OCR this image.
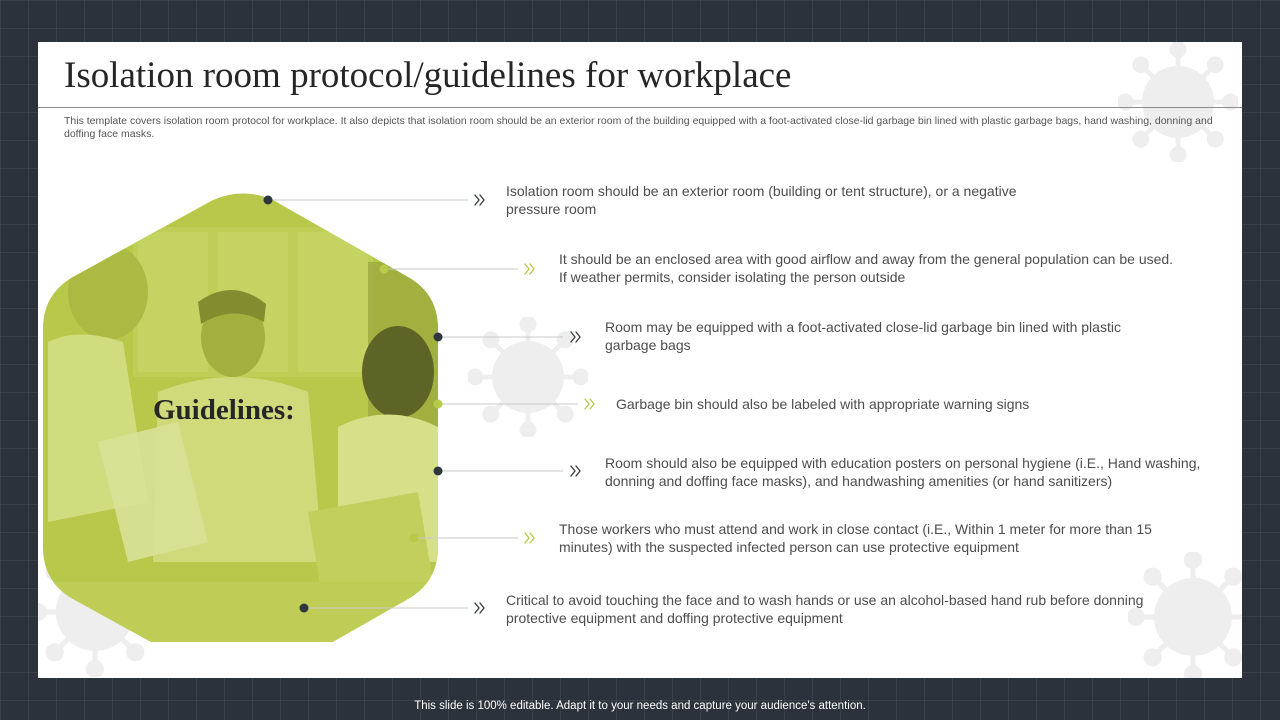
Isolation room protocol/guidelines for workplace

This template covers isolation room protocol for workplace. It also depicts that isolation room should be an exterior room of the building equipped with a foot-activated close-lid garbage bin lined with plastic garbage bags, hand washing, donning and doffing face masks.

Guidelines:

Isolation room should be an exterior room (building or tent structure), or a negative pressure room

It should be an enclosed area with good airflow and away from the general population can be used. If weather permits, consider isolating the person outside

Room may be equipped with a foot-activated close-lid garbage bin lined with plastic garbage bags

Garbage bin should also be labeled with appropriate warning signs

Room should also be equipped with education posters on personal hygiene (i.E., Hand washing, donning and doffing face masks), and handwashing amenities (or hand sanitizers)

Those workers who must attend and work in close contact (i.E., Within 1 meter for more than 15 minutes) with the suspected infected person can use protective equipment

Critical to avoid touching the face and to wash hands or use an alcohol-based hand rub before donning protective equipment and doffing protective equipment

This slide is 100% editable. Adapt it to your needs and capture your audience's attention.
